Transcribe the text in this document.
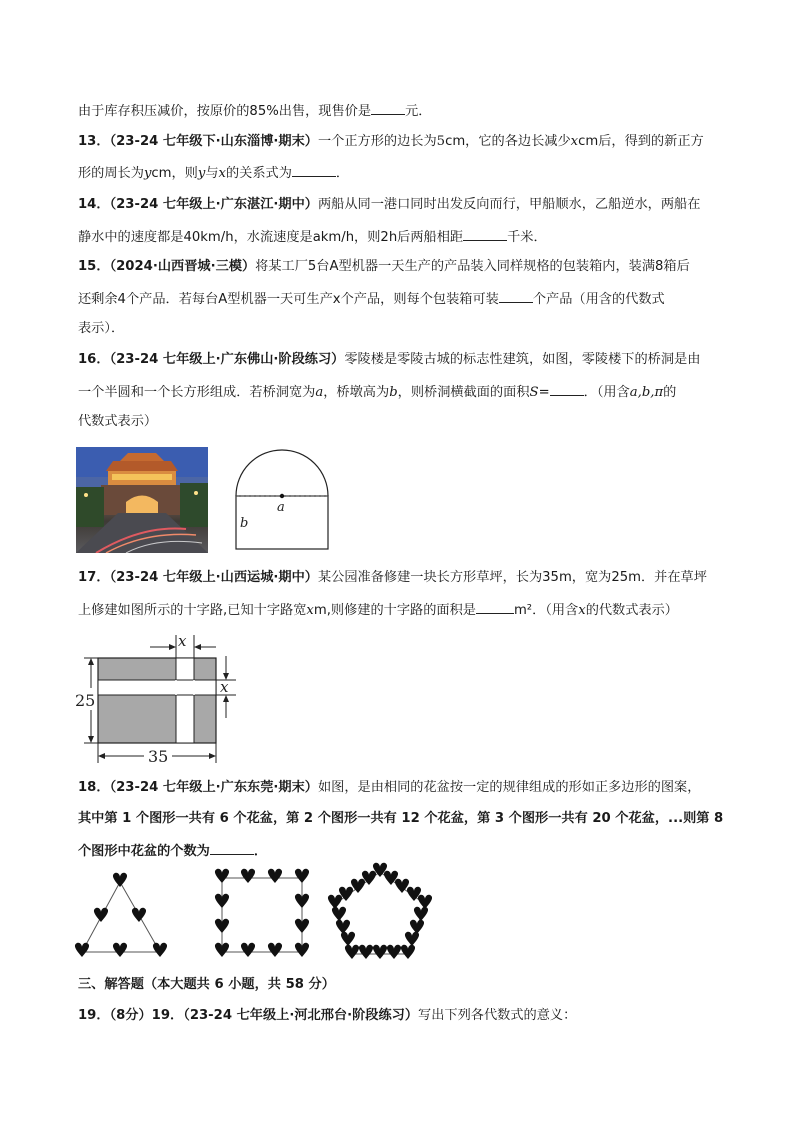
由于库存积压减价，按原价的85%出售，现售价是	元．
13．（23-24 七年级下·山东淄博·期末）一个正方形的边长为5cm，它的各边长减少xcm后，得到的新正方
形的周长为ycm，则y与x的关系式为	．
14．（23-24 七年级上·广东湛江·期中）两船从同一港口同时出发反向而行，甲船顺水，乙船逆水，两船在
静水中的速度都是40km/h，水流速度是akm/h，则2h后两船相距	千米．
15．（2024·山西晋城·三模）将某工厂5台A型机器一天生产的产品装入同样规格的包装箱内，装满8箱后
还剩余4个产品．若每台A型机器一天可生产x个产品，则每个包装箱可装	个产品（用含的代数式
表示）．
16．（23-24 七年级上·广东佛山·阶段练习）零陵楼是零陵古城的标志性建筑，如图，零陵楼下的桥洞是由
一个半圆和一个长方形组成．若桥洞宽为a，桥墩高为b，则桥洞横截面的面积S=	．（用含a,b,π的
代数式表示）
a
b
17．（23-24 七年级上·山西运城·期中）某公园准备修建一块长方形草坪，长为35m，宽为25m．并在草坪
上修建如图所示的十字路,已知十字路宽xm,则修建的十字路的面积是	m²．（用含x的代数式表示）
x
x
25
35
18．（23-24 七年级上·广东东莞·期末）如图，是由相同的花盆按一定的规律组成的形如正多边形的图案，
其中第 1 个图形一共有 6 个花盆，第 2 个图形一共有 12 个花盆，第 3 个图形一共有 20 个花盆，...则第 8
个图形中花盆的个数为	．
三、解答题（本大题共 6 小题，共 58 分）
19．（8分）19．（23-24 七年级上·河北邢台·阶段练习）写出下列各代数式的意义：
